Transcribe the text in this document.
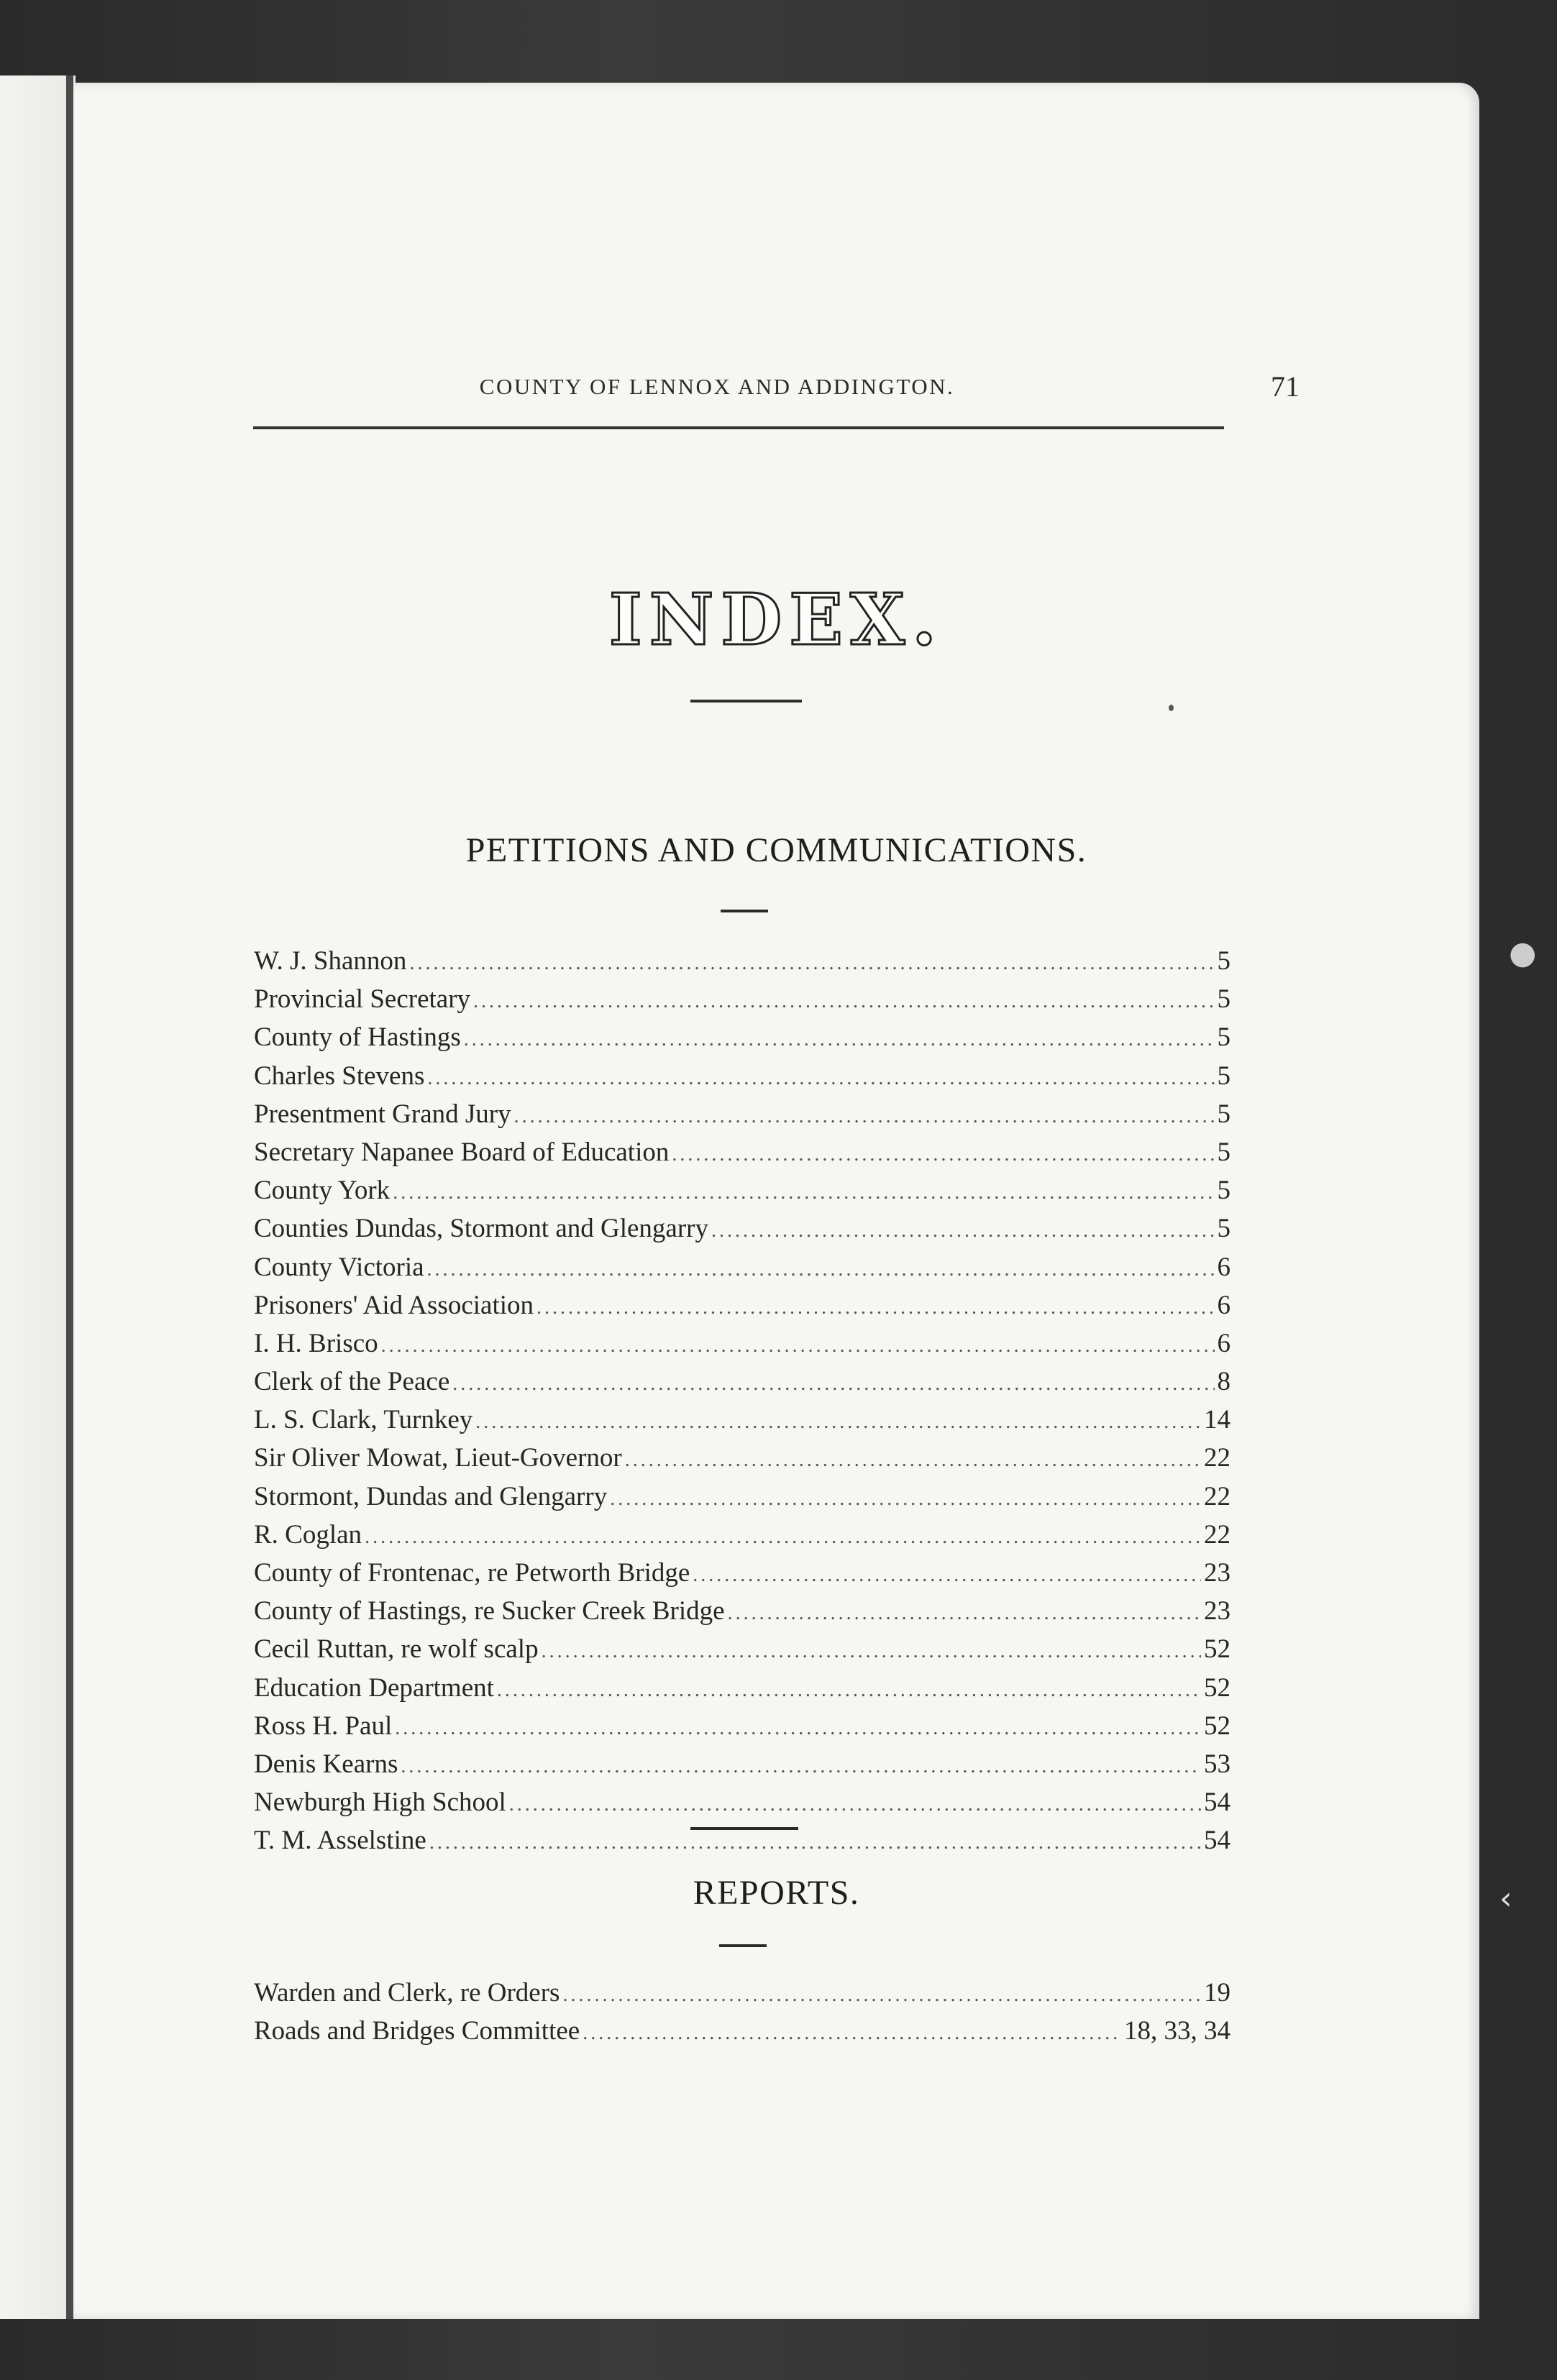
COUNTY OF LENNOX AND ADDINGTON.	71
INDEX.
PETITIONS AND COMMUNICATIONS.
W. J. Shannon .....	5
Provincial Secretary .....	5
County of Hastings .....	5
Charles Stevens .....	5
Presentment Grand Jury .....	5
Secretary Napanee Board of Education .....	5
County York .....	5
Counties Dundas, Stormont and Glengarry .....	5
County Victoria .....	6
Prisoners' Aid Association .....	6
I. H. Brisco .....	6
Clerk of the Peace .....	8
L. S. Clark, Turnkey .....	14
Sir Oliver Mowat, Lieut-Governor .....	22
Stormont, Dundas and Glengarry .....	22
R. Coglan .....	22
County of Frontenac, re Petworth Bridge .....	23
County of Hastings, re Sucker Creek Bridge .....	23
Cecil Ruttan, re wolf scalp .....	52
Education Department .....	52
Ross H. Paul .....	52
Denis Kearns .....	53
Newburgh High School .....	54
T. M. Asselstine .....	54
REPORTS.
Warden and Clerk, re Orders .....	19
Roads and Bridges Committee .....	18, 33, 34
●
‹
